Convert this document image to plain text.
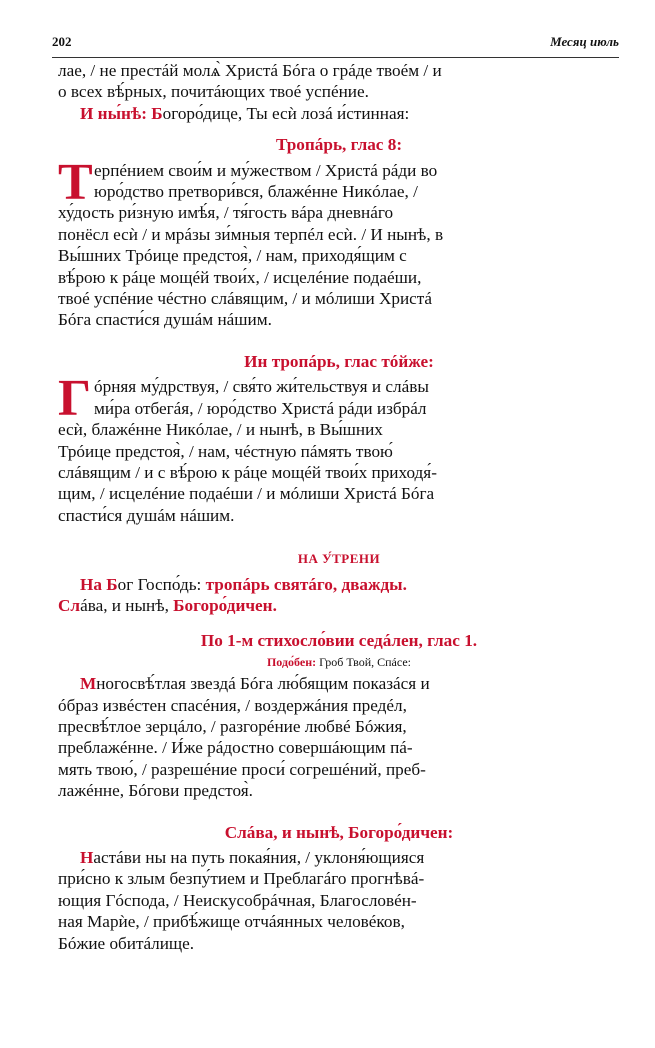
202	Месяц июль
лае, / не престáй молѧ̀ Христá Бóга о грáде твоéм / и
о всех вѣ́рных, почитáющих твоé успéние.
И ны́нѣ: Богоро́дице, Ты есѝ лозá и́стинная:
Тропáрь, глас 8:
Т ерпéнием свои́м и му́жеством / Христá рáди во
юро́дство претвори́вся, блажéнне Никóлае, /
ху́дость ри́зную имѣ́я, / тя́гость вáра дневнáго
понёсл есѝ / и мрáзы зи́мныя терпéл есѝ. / И нынѣ, в
Вы́шних Трóице предстоя̀, / нам, приходя́щим с
вѣ́рою к рáце мощéй твои́х, / исцелéние подаéши,
твоé успéние чéстно слáвящим, / и мóлиши Христá
Бóга спасти́ся душáм нáшим.
Ин тропáрь, глас тóйже:
Г óрняя му́дрствуя, / свя́то жи́тельствуя и слáвы
ми́ра отбегáя, / юро́дство Христá рáди избрáл
есѝ, блажéнне Никóлае, / и нынѣ, в Вы́шних
Трóице предстоя̀, / нам, чéстную пáмять твою́
слáвящим / и с вѣ́рою к рáце мощéй твои́х приходя́-
щим, / исцелéние подаéши / и мóлиши Христá Бóга
спасти́ся душáм нáшим.
НА У́ТРЕНИ
На Бог Госпо́дь: тропáрь святáго, дважды.
Слáва, и нынѣ, Богоро́дичен.
По 1-м стихосло́вии седáлен, глас 1.
Подо́бен: Гроб Твой, Спáсе:
Многосвѣ́тлая звездá Бóга лю́бящим показáся и
óбраз извéстен спасéния, / воздержáния предéл,
пресвѣ́тлое зерцáло, / разгорéние любвé Бóжия,
преблажéнне. / И́же рáдостно совершáющим пá-
мять твою́, / разрешéние проси́ согрешéний, преб-
лажéнне, Бóгови предстоя̀.
Слáва, и нынѣ, Богоро́дичен:
Настáви ны на путь покая́ния, / уклоня́ющияся
при́сно к злым безпу́тием и Преблагáго прогнѣвá-
ющия Гóспода, / Неискусобрáчная, Благословéн-
ная Марѝе, / прибѣ́жище отчáянных человéков,
Бóжие обитáлище.
